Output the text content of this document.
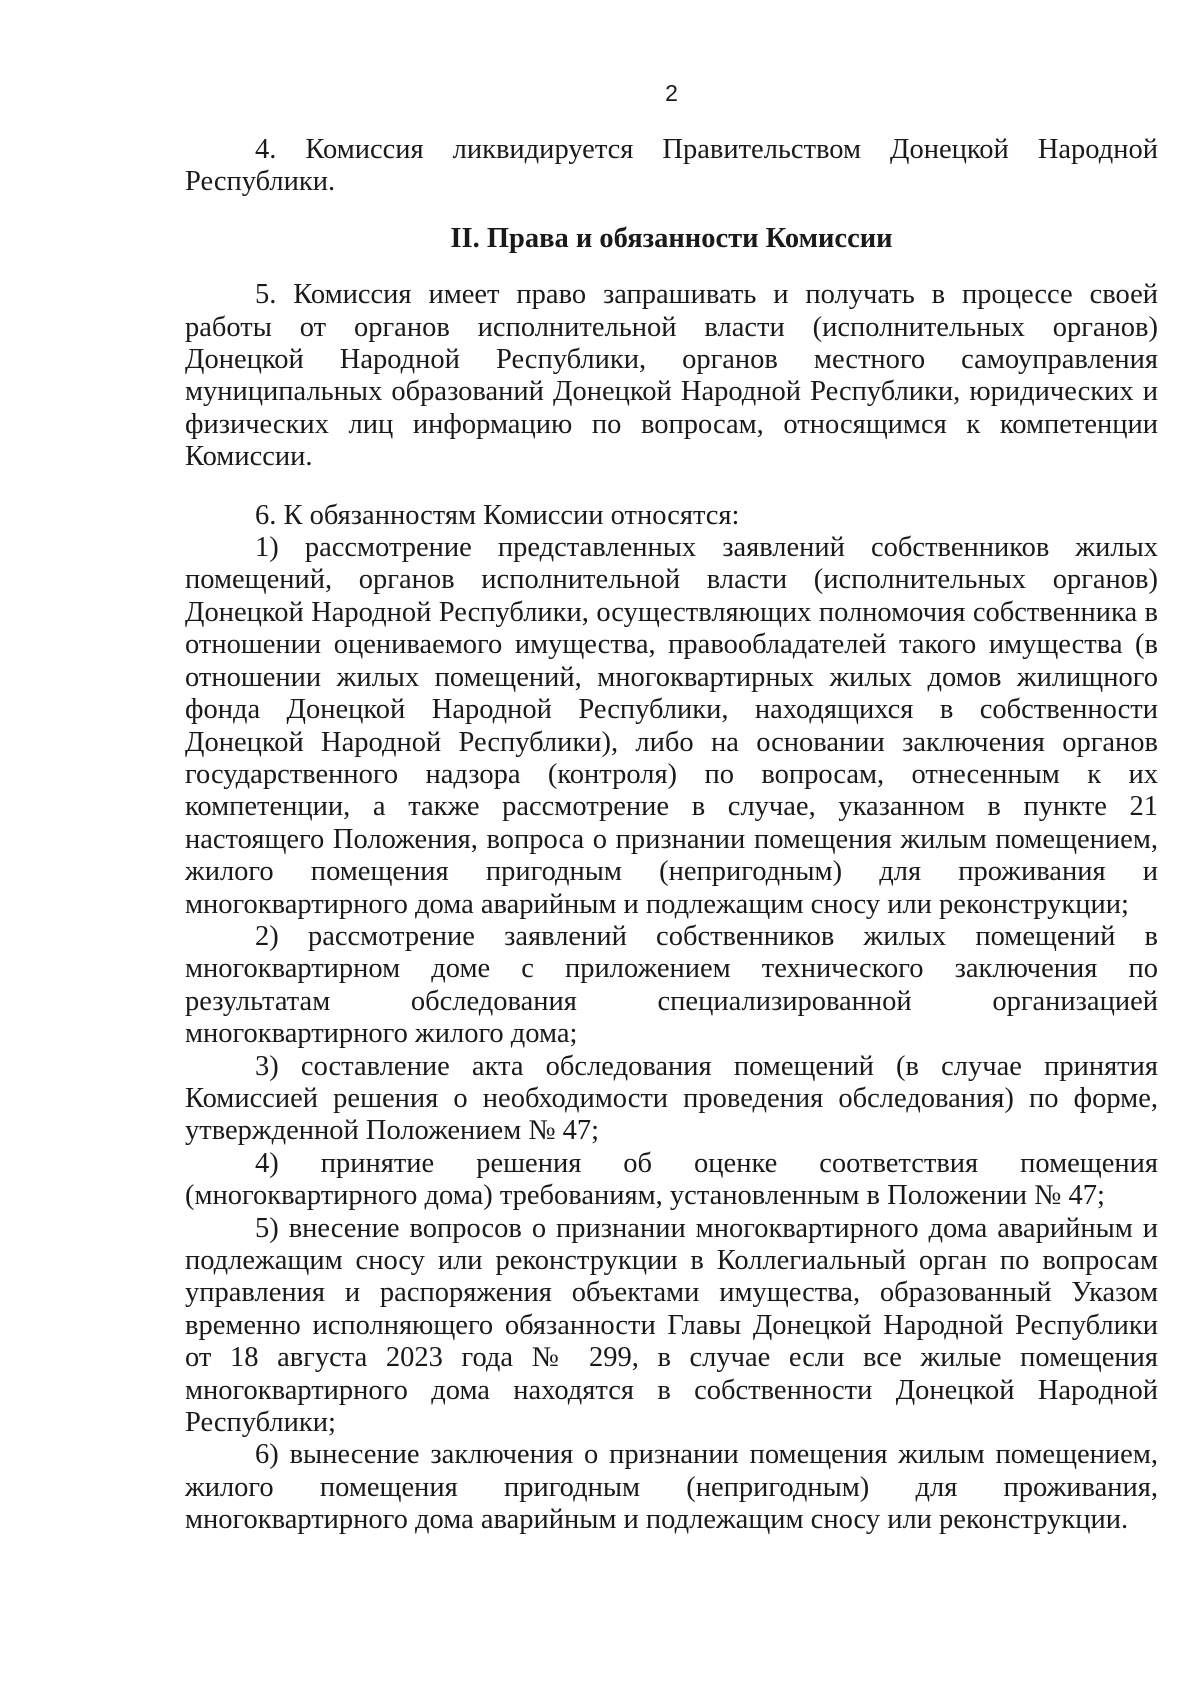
2

4. Комиссия ликвидируется Правительством Донецкой Народной Республики.

II. Права и обязанности Комиссии

5. Комиссия имеет право запрашивать и получать в процессе своей работы от органов исполнительной власти (исполнительных органов) Донецкой Народной Республики, органов местного самоуправления муниципальных образований Донецкой Народной Республики, юридических и физических лиц информацию по вопросам, относящимся к компетенции Комиссии.

6. К обязанностям Комиссии относятся:

1) рассмотрение представленных заявлений собственников жилых помещений, органов исполнительной власти (исполнительных органов) Донецкой Народной Республики, осуществляющих полномочия собственника в отношении оцениваемого имущества, правообладателей такого имущества (в отношении жилых помещений, многоквартирных жилых домов жилищного фонда Донецкой Народной Республики, находящихся в собственности Донецкой Народной Республики), либо на основании заключения органов государственного надзора (контроля) по вопросам, отнесенным к их компетенции, а также рассмотрение в случае, указанном в пункте 21 настоящего Положения, вопроса о признании помещения жилым помещением, жилого помещения пригодным (непригодным) для проживания и многоквартирного дома аварийным и подлежащим сносу или реконструкции;

2) рассмотрение заявлений собственников жилых помещений в многоквартирном доме с приложением технического заключения по результатам обследования специализированной организацией многоквартирного жилого дома;

3) составление акта обследования помещений (в случае принятия Комиссией решения о необходимости проведения обследования) по форме, утвержденной Положением № 47;

4) принятие решения об оценке соответствия помещения (многоквартирного дома) требованиям, установленным в Положении № 47;

5) внесение вопросов о признании многоквартирного дома аварийным и подлежащим сносу или реконструкции в Коллегиальный орган по вопросам управления и распоряжения объектами имущества, образованный Указом временно исполняющего обязанности Главы Донецкой Народной Республики от 18 августа 2023 года № 299, в случае если все жилые помещения многоквартирного дома находятся в собственности Донецкой Народной Республики;

6) вынесение заключения о признании помещения жилым помещением, жилого помещения пригодным (непригодным) для проживания, многоквартирного дома аварийным и подлежащим сносу или реконструкции.
